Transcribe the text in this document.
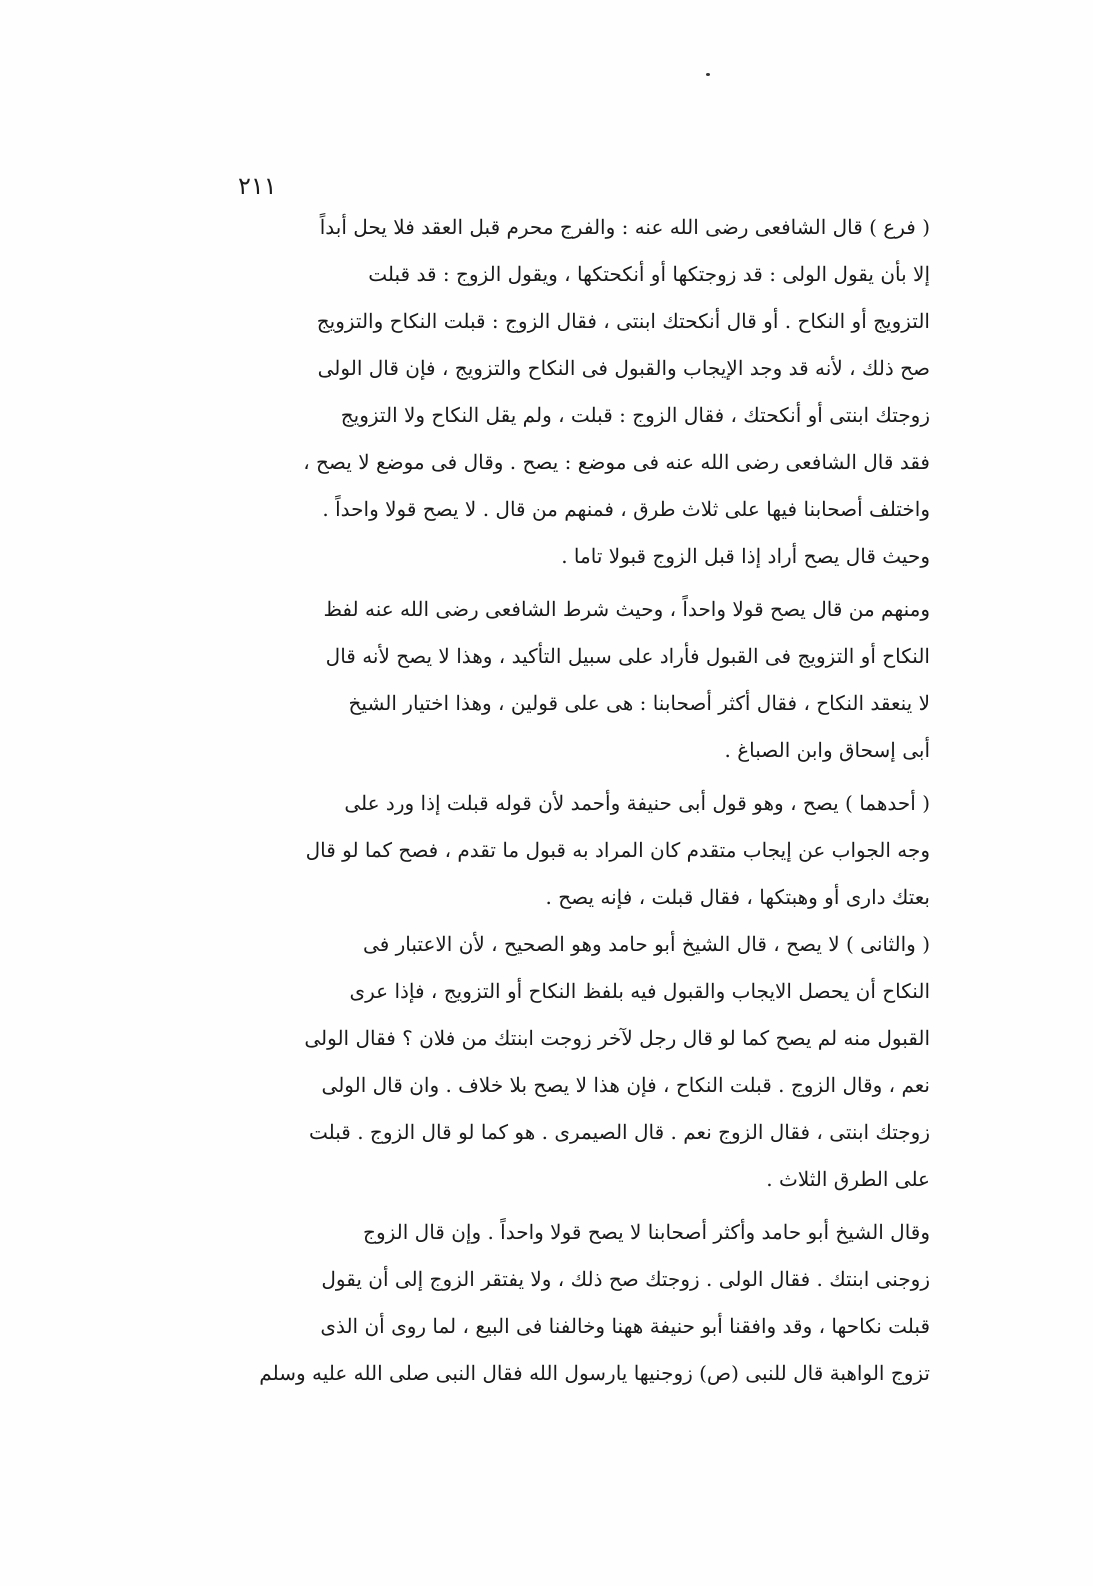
٢١١
( فرع ) قال الشافعى رضى الله عنه : والفرج محرم قبل العقد فلا يحل أبداً
إلا بأن يقول الولى : قد زوجتكها أو أنكحتكها ، ويقول الزوج : قد قبلت
التزويج أو النكاح . أو قال أنكحتك ابنتى ، فقال الزوج : قبلت النكاح والتزويج
صح ذلك ، لأنه قد وجد الإيجاب والقبول فى النكاح والتزويج ، فإن قال الولى
زوجتك ابنتى أو أنكحتك ، فقال الزوج : قبلت ، ولم يقل النكاح ولا التزويج
فقد قال الشافعى رضى الله عنه فى موضع : يصح . وقال فى موضع لا يصح ،
واختلف أصحابنا فيها على ثلاث طرق ، فمنهم من قال . لا يصح قولا واحداً .
وحيث قال يصح أراد إذا قبل الزوج قبولا تاما .
ومنهم من قال يصح قولا واحداً ، وحيث شرط الشافعى رضى الله عنه لفظ
النكاح أو التزويج فى القبول فأراد على سبيل التأكيد ، وهذا لا يصح لأنه قال
لا ينعقد النكاح ، فقال أكثر أصحابنا : هى على قولين ، وهذا اختيار الشيخ
أبى إسحاق وابن الصباغ .
( أحدهما ) يصح ، وهو قول أبى حنيفة وأحمد لأن قوله قبلت إذا ورد على
وجه الجواب عن إيجاب متقدم كان المراد به قبول ما تقدم ، فصح كما لو قال
بعتك دارى أو وهبتكها ، فقال قبلت ، فإنه يصح .
( والثانى ) لا يصح ، قال الشيخ أبو حامد وهو الصحيح ، لأن الاعتبار فى
النكاح أن يحصل الايجاب والقبول فيه بلفظ النكاح أو التزويج ، فإذا عرى
القبول منه لم يصح كما لو قال رجل لآخر زوجت ابنتك من فلان ؟ فقال الولى
نعم ، وقال الزوج . قبلت النكاح ، فإن هذا لا يصح بلا خلاف . وان قال الولى
زوجتك ابنتى ، فقال الزوج نعم . قال الصيمرى . هو كما لو قال الزوج . قبلت
على الطرق الثلاث .
وقال الشيخ أبو حامد وأكثر أصحابنا لا يصح قولا واحداً . وإن قال الزوج
زوجنى ابنتك . فقال الولى . زوجتك صح ذلك ، ولا يفتقر الزوج إلى أن يقول
قبلت نكاحها ، وقد وافقنا أبو حنيفة ههنا وخالفنا فى البيع ، لما روى أن الذى
تزوج الواهبة قال للنبى (ص) زوجنيها يارسول الله فقال النبى صلى الله عليه وسلم
